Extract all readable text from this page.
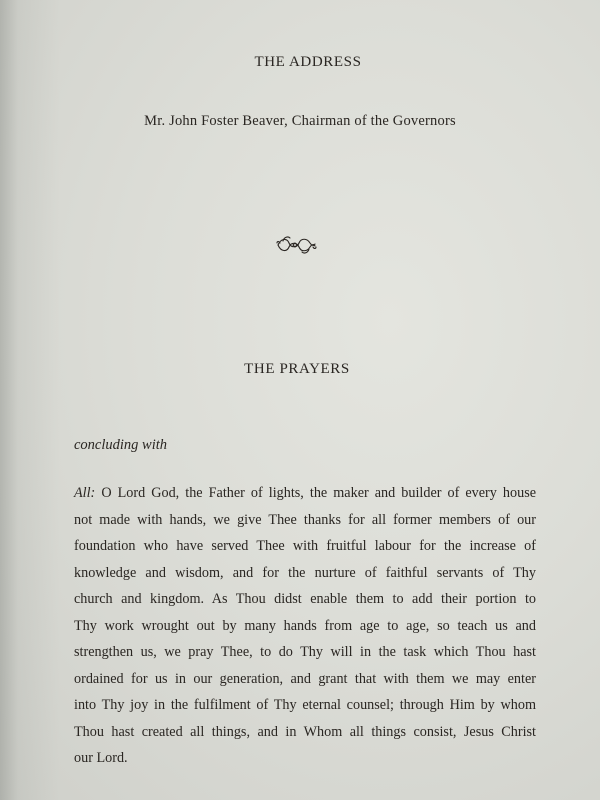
THE ADDRESS
Mr. John Foster Beaver, Chairman of the Governors
THE PRAYERS
concluding with
All: O Lord God, the Father of lights, the maker and builder of every house
not made with hands, we give Thee thanks for all former members of our
foundation who have served Thee with fruitful labour for the increase of
knowledge and wisdom, and for the nurture of faithful servants of Thy
church and kingdom. As Thou didst enable them to add their portion to
Thy work wrought out by many hands from age to age, so teach us and
strengthen us, we pray Thee, to do Thy will in the task which Thou hast
ordained for us in our generation, and grant that with them we may enter
into Thy joy in the fulfilment of Thy eternal counsel; through Him by whom
Thou hast created all things, and in Whom all things consist, Jesus Christ
our Lord.
